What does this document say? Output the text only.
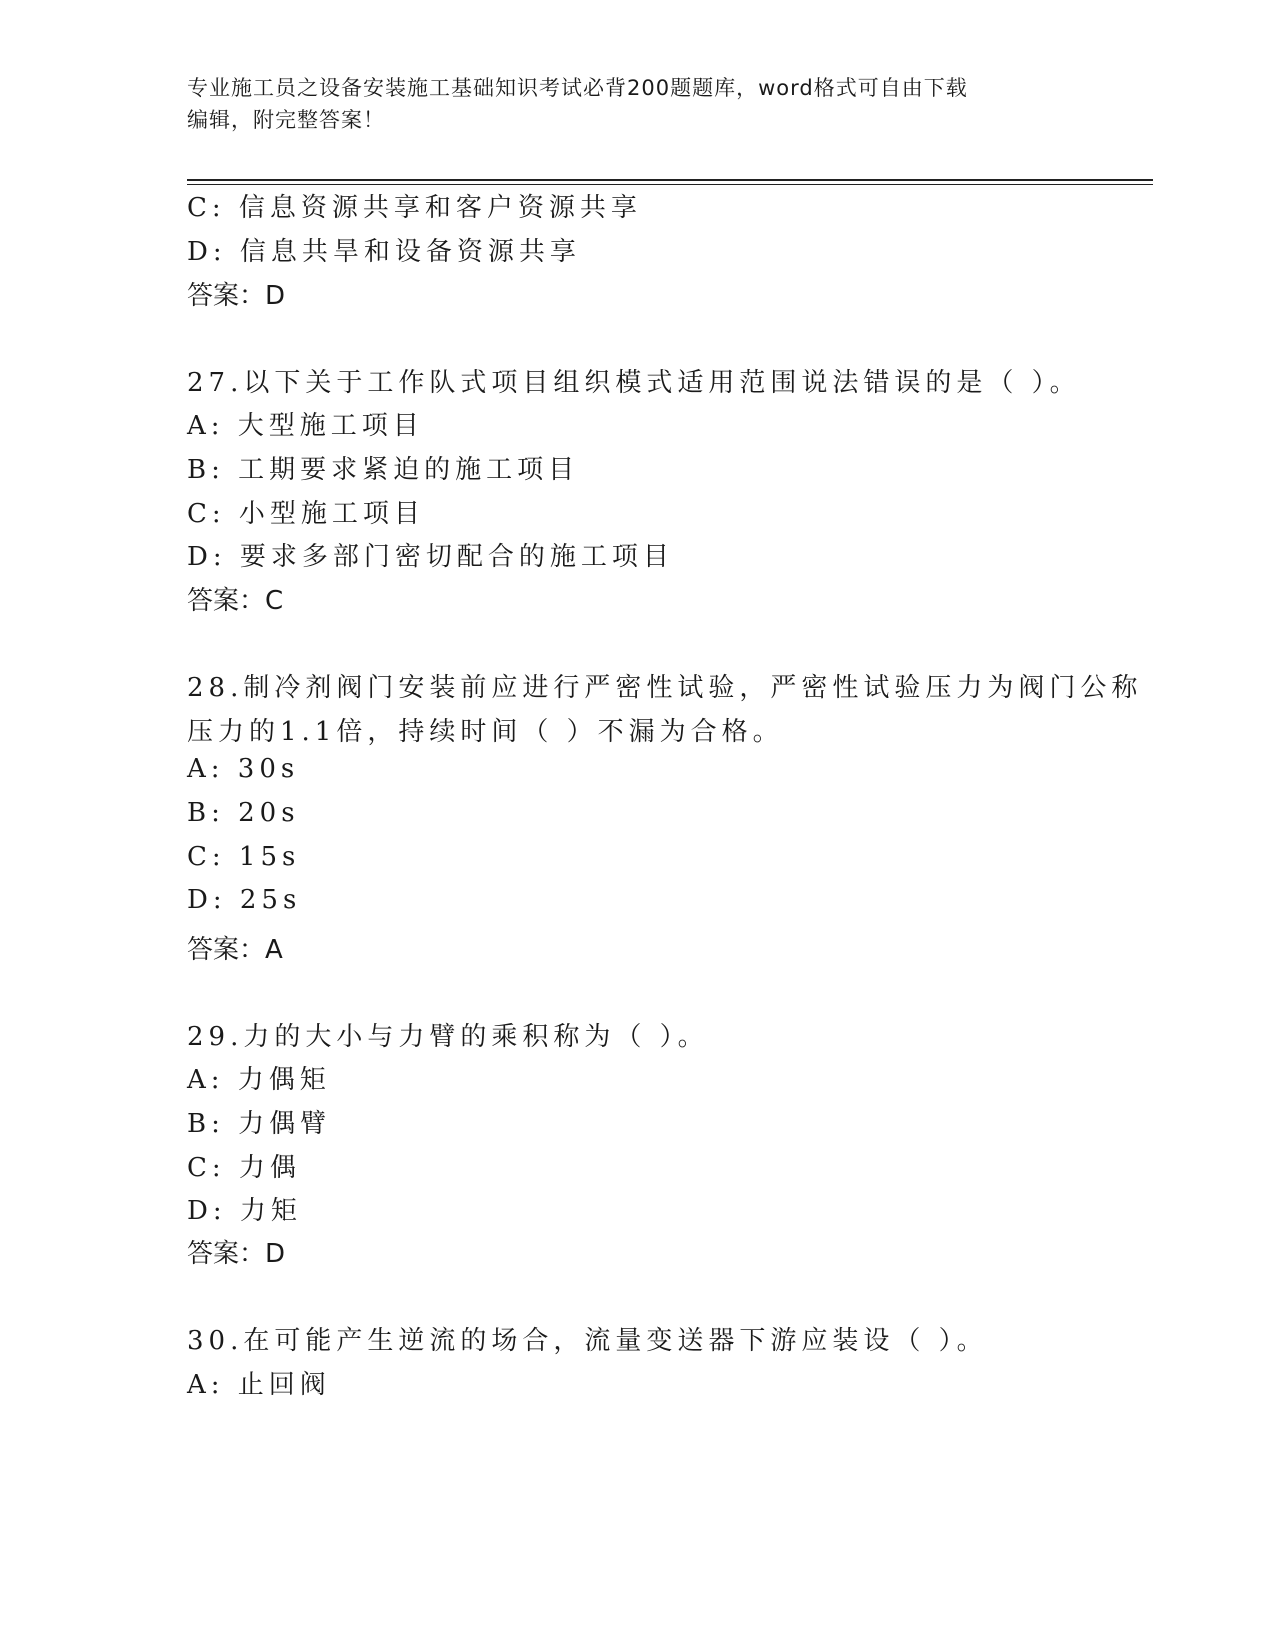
专业施工员之设备安装施工基础知识考试必背200题题库，word格式可自由下载
编辑，附完整答案！
C: 信息资源共享和客户资源共享
D: 信息共旱和设备资源共享
答案：D
27.以下关于工作队式项目组织模式适用范围说法错误的是（ ）。
A: 大型施工项目
B: 工期要求紧迫的施工项目
C: 小型施工项目
D: 要求多部门密切配合的施工项目
答案：C
28.制冷剂阀门安装前应进行严密性试验，严密性试验压力为阀门公称
压力的1.1倍，持续时间（ ）不漏为合格。
A: 30s
B: 20s
C: 15s
D: 25s
答案：A
29.力的大小与力臂的乘积称为（ ）。
A: 力偶矩
B: 力偶臂
C: 力偶
D: 力矩
答案：D
30.在可能产生逆流的场合，流量变送器下游应装设（ ）。
A: 止回阀
